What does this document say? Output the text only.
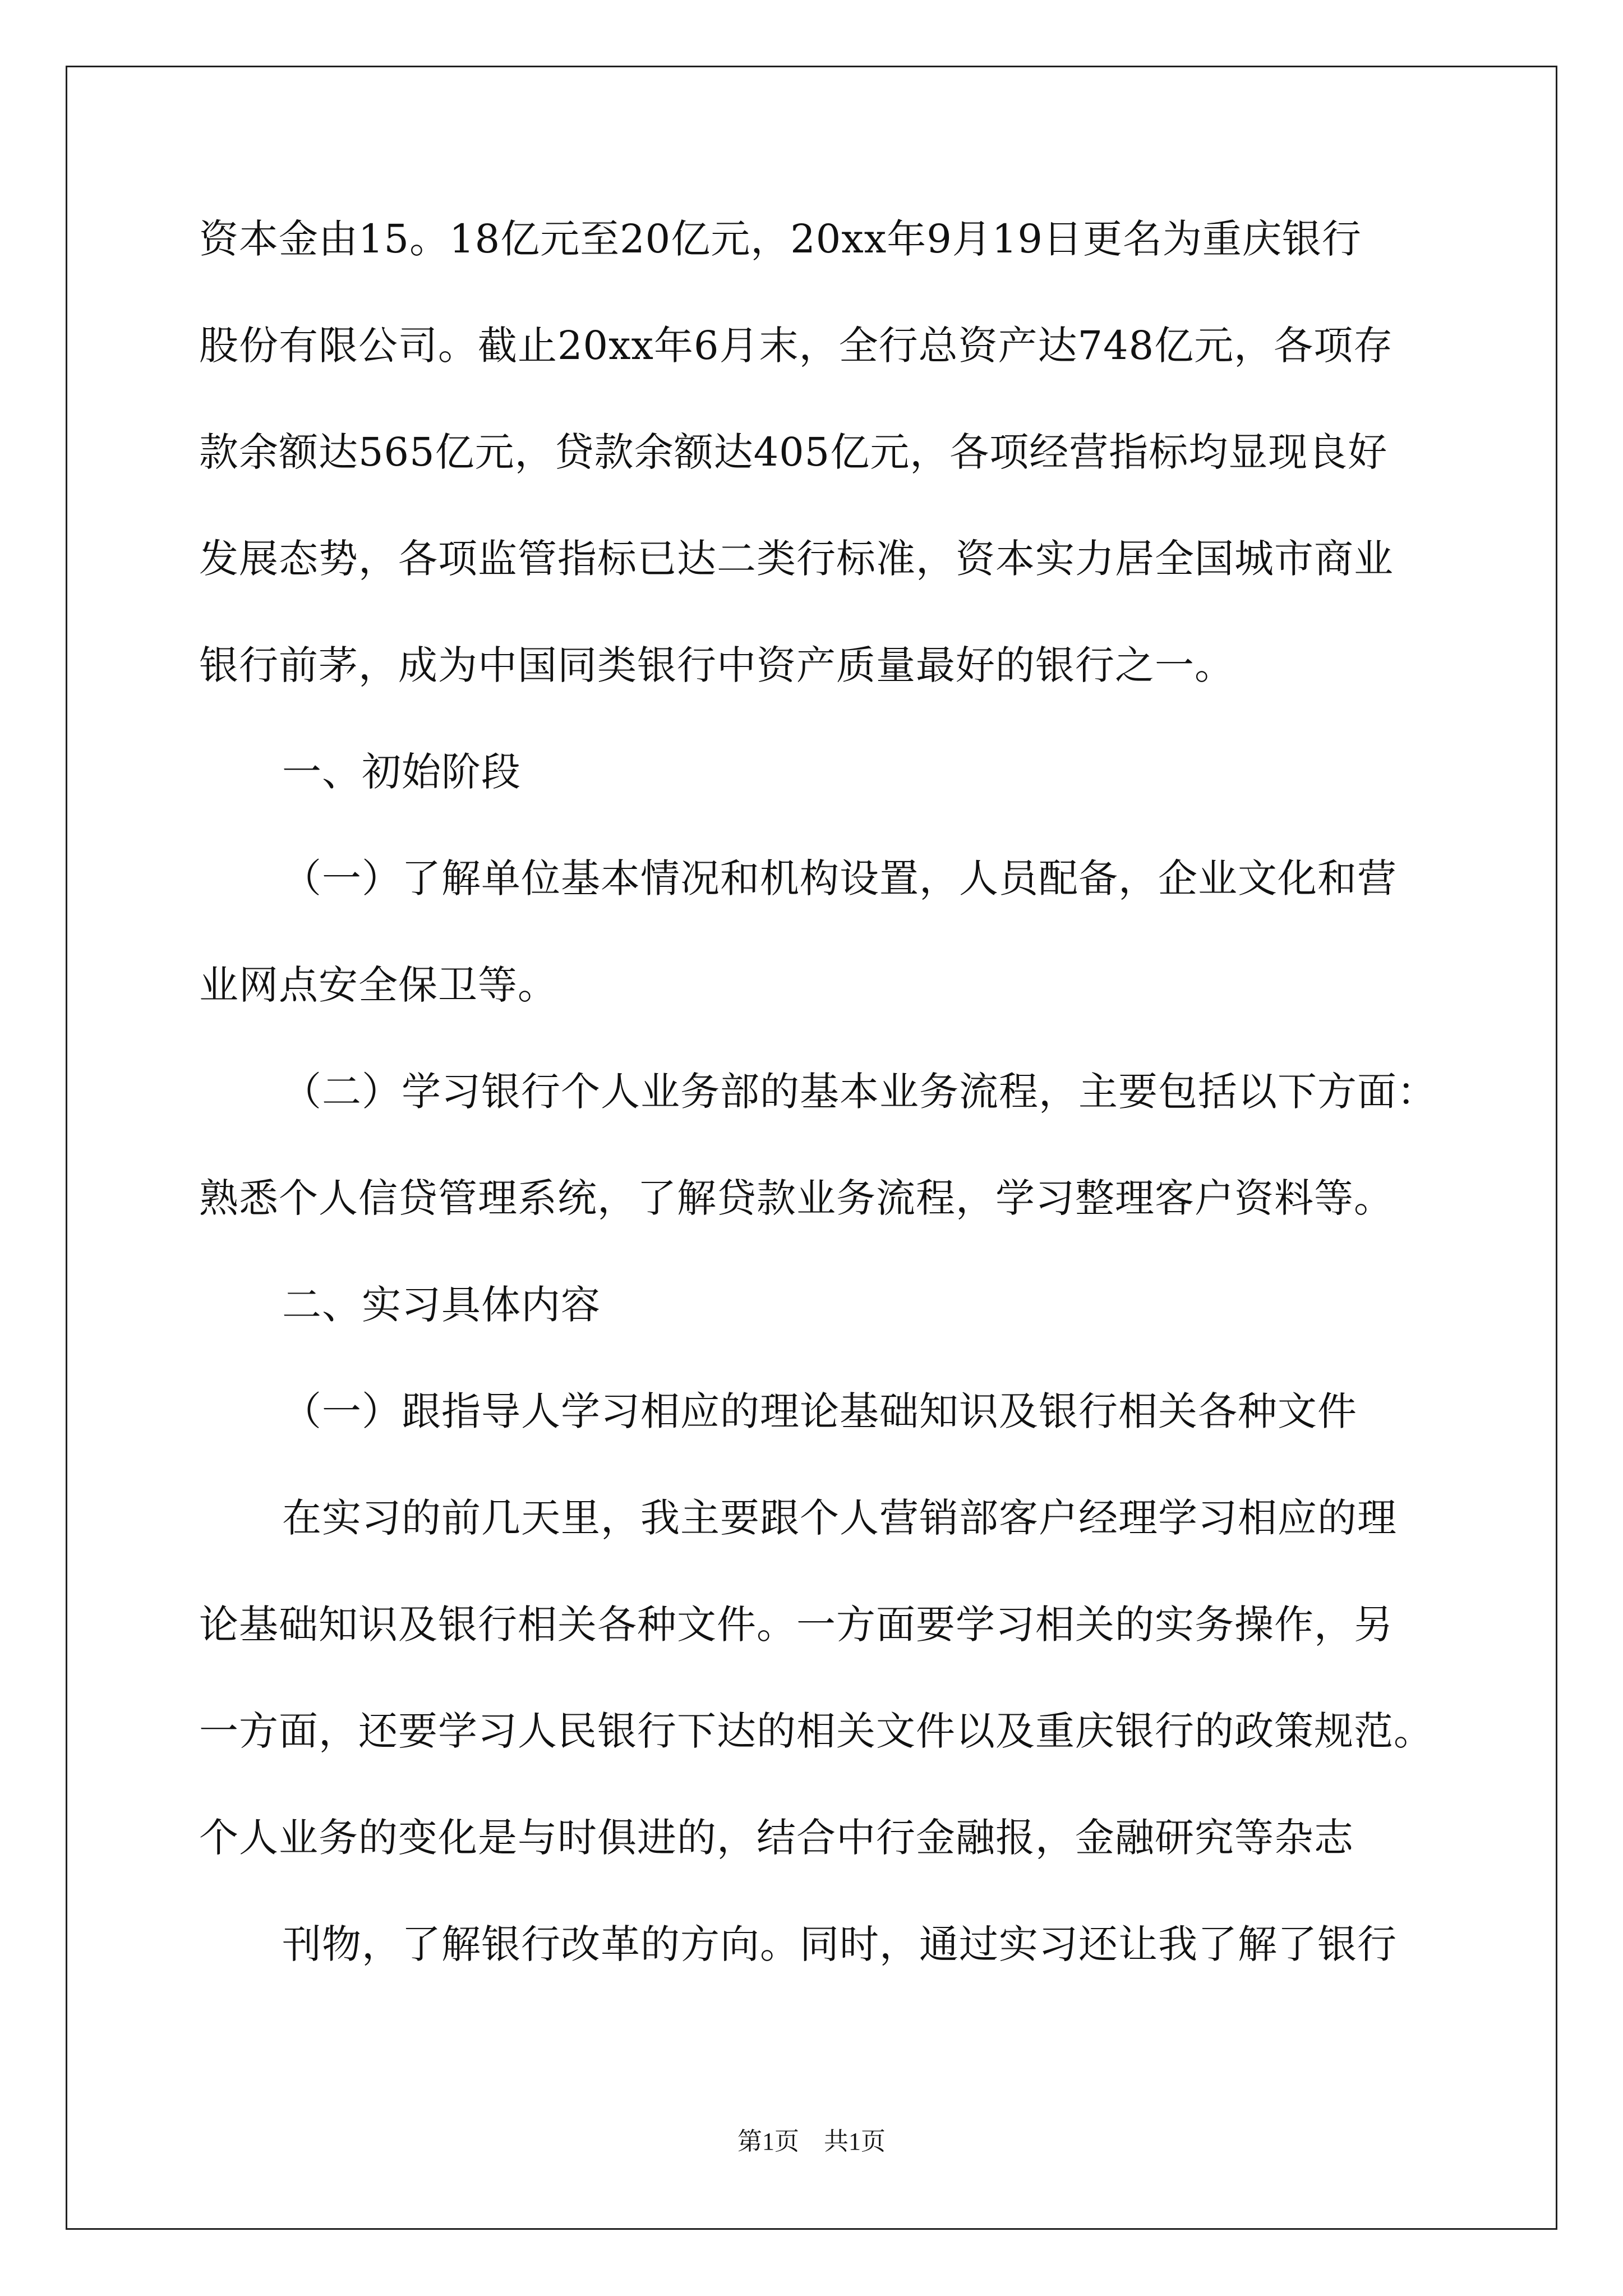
资本金由15。18亿元至20亿元，20xx年9月19日更名为重庆银行
股份有限公司。截止20xx年6月末，全行总资产达748亿元，各项存
款余额达565亿元，贷款余额达405亿元，各项经营指标均显现良好
发展态势，各项监管指标已达二类行标准，资本实力居全国城市商业
银行前茅，成为中国同类银行中资产质量最好的银行之一。
一、初始阶段
（一）了解单位基本情况和机构设置，人员配备，企业文化和营
业网点安全保卫等。
（二）学习银行个人业务部的基本业务流程，主要包括以下方面：
熟悉个人信贷管理系统，了解贷款业务流程，学习整理客户资料等。
二、实习具体内容
（一）跟指导人学习相应的理论基础知识及银行相关各种文件
在实习的前几天里，我主要跟个人营销部客户经理学习相应的理
论基础知识及银行相关各种文件。一方面要学习相关的实务操作，另
一方面，还要学习人民银行下达的相关文件以及重庆银行的政策规范。
个人业务的变化是与时俱进的，结合中行金融报，金融研究等杂志
刊物，了解银行改革的方向。同时，通过实习还让我了解了银行
第1页　共1页
